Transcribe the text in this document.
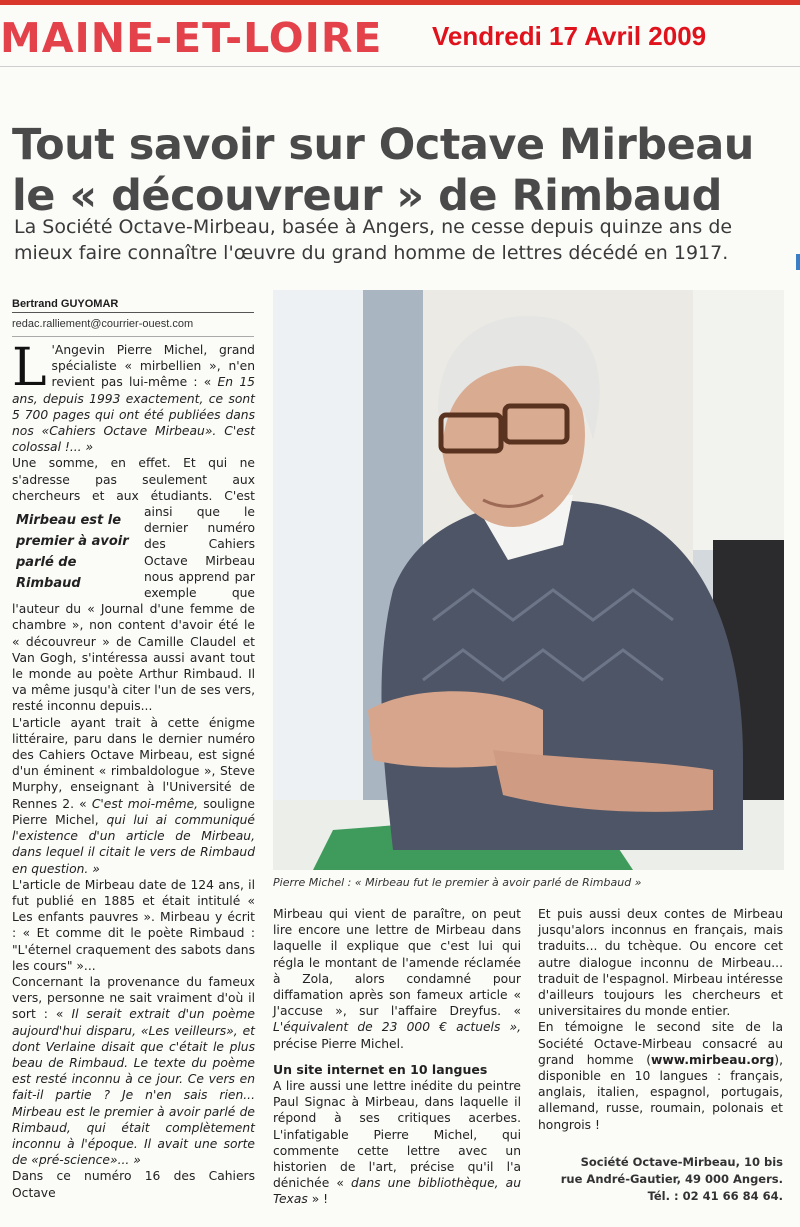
MAINE-ET-LOIRE Vendredi 17 Avril 2009
Tout savoir sur Octave Mirbeau
le « découvreur » de Rimbaud
La Société Octave-Mirbeau, basée à Angers, ne cesse depuis quinze ans de mieux faire connaître l'œuvre du grand homme de lettres décédé en 1917.
Bertrand GUYOMAR
redac.ralliement@courrier-ouest.com

L 'Angevin Pierre Michel, grand spécialiste « mirbellien », n'en revient pas lui-même : « En 15 ans, depuis 1993 exactement, ce sont 5 700 pages qui ont été publiées dans nos «Cahiers Octave Mirbeau». C'est colossal !... »

Une somme, en effet. Et qui ne s'adresse pas seulement aux chercheurs et aux étudiants. C'est ainsi
Mirbeau est le premier à avoir parlé de Rimbaud
que le dernier numéro des Cahiers Octave Mirbeau nous apprend par exemple que l'auteur du « Journal d'une femme de chambre », non content d'avoir été le « découvreur » de Camille Claudel et Van Gogh, s'intéressa aussi avant tout le monde au poète Arthur Rimbaud. Il va même jusqu'à citer l'un de ses vers, resté inconnu depuis...

L'article ayant trait à cette énigme littéraire, paru dans le dernier numéro des Cahiers Octave Mirbeau, est signé d'un éminent « rimbaldologue », Steve Murphy, enseignant à l'Université de Rennes 2. « C'est moi-même, souligne Pierre Michel, qui lui ai communiqué l'existence d'un article de Mirbeau, dans lequel il citait le vers de Rimbaud en question. »

L'article de Mirbeau date de 124 ans, il fut publié en 1885 et était intitulé « Les enfants pauvres ». Mirbeau y écrit : « Et comme dit le poète Rimbaud : "L'éternel craquement des sabots dans les cours" »...

Concernant la provenance du fameux vers, personne ne sait vraiment d'où il sort : « Il serait extrait d'un poème aujourd'hui disparu, «Les veilleurs», et dont Verlaine disait que c'était le plus beau de Rimbaud. Le texte du poème est resté inconnu à ce jour. Ce vers en fait-il partie ? Je n'en sais rien... Mirbeau est le premier à avoir parlé de Rimbaud, qui était complètement inconnu à l'époque. Il avait une sorte de «pré-science»... »

Dans ce numéro 16 des Cahiers Octave

Pierre Michel : « Mirbeau fut le premier à avoir parlé de Rimbaud »

Mirbeau qui vient de paraître, on peut lire encore une lettre de Mirbeau dans laquelle il explique que c'est lui qui régla le montant de l'amende réclamée à Zola, alors condamné pour diffamation après son fameux article « J'accuse », sur l'affaire Dreyfus. « L'équivalent de 23 000 € actuels », précise Pierre Michel.

Un site internet en 10 langues

A lire aussi une lettre inédite du peintre Paul Signac à Mirbeau, dans laquelle il répond à ses critiques acerbes. L'infatigable Pierre Michel, qui commente cette lettre avec un historien de l'art, précise qu'il l'a dénichée « dans une bibliothèque, au Texas » !

Et puis aussi deux contes de Mirbeau jusqu'alors inconnus en français, mais traduits... du tchèque. Ou encore cet autre dialogue inconnu de Mirbeau... traduit de l'espagnol. Mirbeau intéresse d'ailleurs toujours les chercheurs et universitaires du monde entier.

En témoigne le second site de la Société Octave-Mirbeau consacré au grand homme (www.mirbeau.org), disponible en 10 langues : français, anglais, italien, espagnol, portugais, allemand, russe, roumain, polonais et hongrois !

Société Octave-Mirbeau, 10 bis
rue André-Gautier, 49 000 Angers.
Tél. : 02 41 66 84 64.
